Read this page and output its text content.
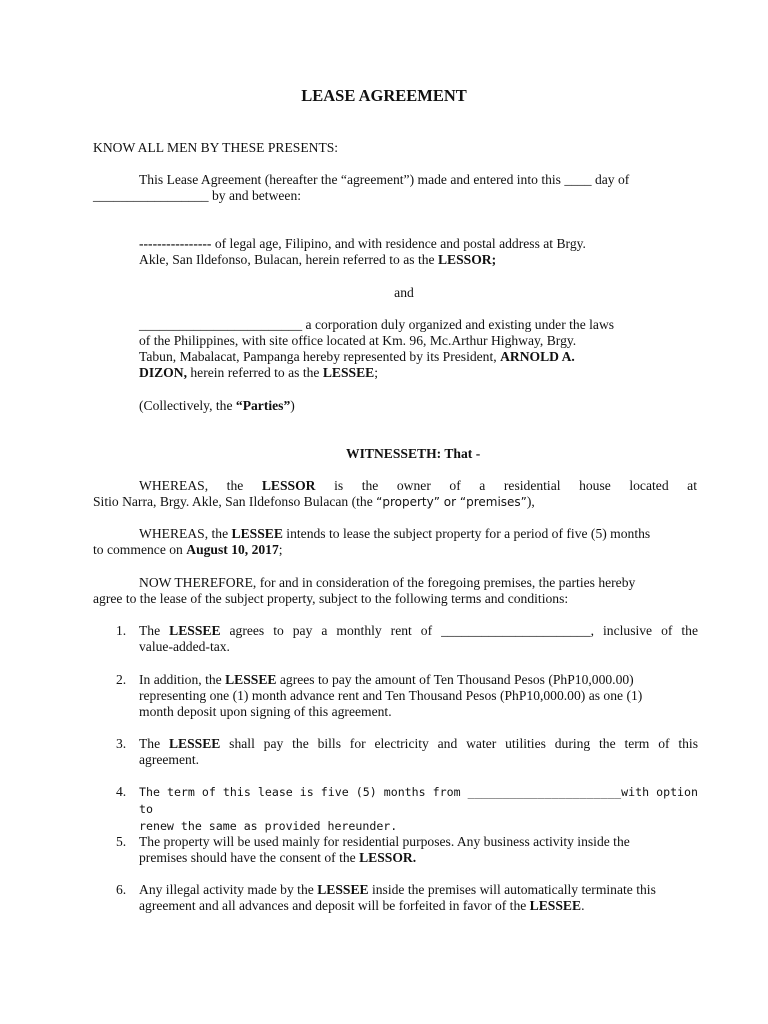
LEASE AGREEMENT
KNOW ALL MEN BY THESE PRESENTS:
This Lease Agreement (hereafter the “agreement”) made and entered into this ____ day of
_________________ by and between:
---------------- of legal age, Filipino, and with residence and postal address at Brgy.
Akle, San Ildefonso, Bulacan, herein referred to as the LESSOR;
and
________________________ a corporation duly organized and existing under the laws
of the Philippines, with site office located at Km. 96, Mc.Arthur Highway, Brgy.
Tabun, Mabalacat, Pampanga hereby represented by its President, ARNOLD A.
DIZON, herein referred to as the LESSEE;
(Collectively, the “Parties”)
WITNESSETH: That -
WHEREAS, the LESSOR is the owner of a residential house located at
Sitio Narra, Brgy. Akle, San Ildefonso Bulacan (the “property” or “premises”),
WHEREAS, the LESSEE intends to lease the subject property for a period of five (5) months
to commence on August 10, 2017;
NOW THEREFORE, for and in consideration of the foregoing premises, the parties hereby
agree to the lease of the subject property, subject to the following terms and conditions:
1. The LESSEE agrees to pay a monthly rent of ______________________, inclusive of the
value-added-tax.
2. In addition, the LESSEE agrees to pay the amount of Ten Thousand Pesos (PhP10,000.00)
representing one (1) month advance rent and Ten Thousand Pesos (PhP10,000.00) as one (1)
month deposit upon signing of this agreement.
3. The LESSEE shall pay the bills for electricity and water utilities during the term of this
agreement.
4.	The term of this lease is five (5) months from ______________________with option to
renew the same as provided hereunder.
5. The property will be used mainly for residential purposes. Any business activity inside the
premises should have the consent of the LESSOR.
6. Any illegal activity made by the LESSEE inside the premises will automatically terminate this
agreement and all advances and deposit will be forfeited in favor of the LESSEE.
